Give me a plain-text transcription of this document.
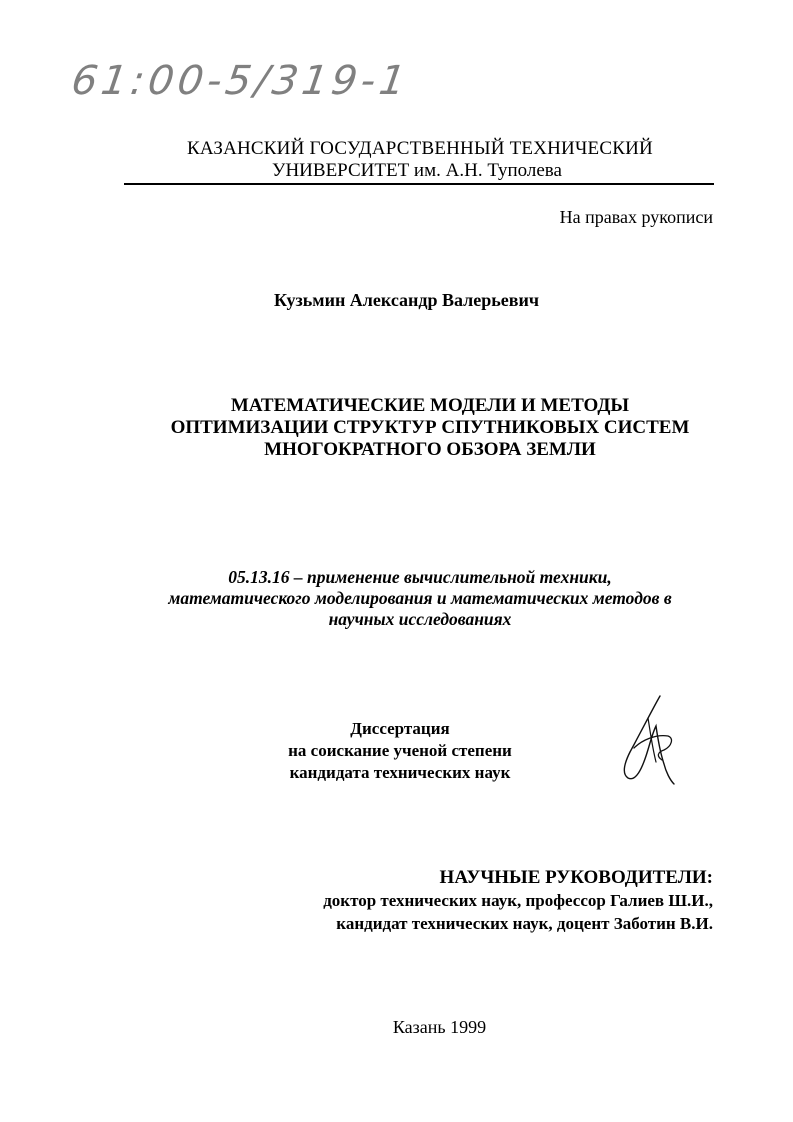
61:00-5/319-1
КАЗАНСКИЙ ГОСУДАРСТВЕННЫЙ ТЕХНИЧЕСКИЙ
УНИВЕРСИТЕТ им. А.Н. Туполева
На правах рукописи
Кузьмин Александр Валерьевич
МАТЕМАТИЧЕСКИЕ МОДЕЛИ И МЕТОДЫ
ОПТИМИЗАЦИИ СТРУКТУР СПУТНИКОВЫХ СИСТЕМ
МНОГОКРАТНОГО ОБЗОРА ЗЕМЛИ
05.13.16 – применение вычислительной техники,
математического моделирования и математических методов в
научных исследованиях
Диссертация
на соискание ученой степени
кандидата технических наук
НАУЧНЫЕ РУКОВОДИТЕЛИ:
доктор технических наук, профессор Галиев Ш.И.,
кандидат технических наук, доцент Заботин В.И.
Казань 1999
